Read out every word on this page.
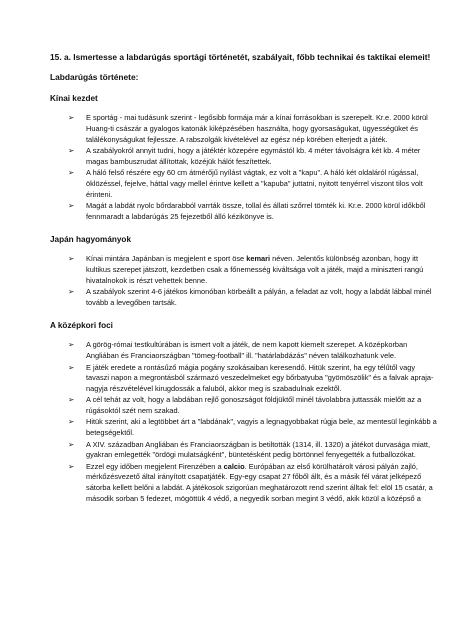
15. a. Ismertesse a labdarúgás sportági történetét, szabályait, főbb technikai és taktikai elemeit!
Labdarúgás története:
Kínai kezdet
➢ E sportág - mai tudásunk szerint - legősibb formája már a kínai forrásokban is szerepelt. Kr.e. 2000 körül Huang-ti császár a gyalogos katonák kiképzésében használta, hogy gyorsaságukat, ügyességüket és találékonyságukat fejlessze. A rabszolgák kivételével az egész nép körében elterjedt a játék.
➢ A szabályokról annyit tudni, hogy a játéktér közepére egymástól kb. 4 méter távolságra két kb. 4 méter magas bambuszrudat állítottak, közéjük hálót feszítettek.
➢ A háló felső részére egy 60 cm átmérőjű nyílást vágtak, ez volt a "kapu". A háló két oldaláról rúgással, öklözéssel, fejelve, háttal vagy mellel érintve kellett a "kapuba" juttatni, nyitott tenyérrel viszont tilos volt érinteni.
➢ Magát a labdát nyolc bőrdarabból varrták össze, tollal és állati szőrrel tömték ki. Kr.e. 2000 körül időkből fennmaradt a labdarúgás 25 fejezetből álló kézikönyve is.
Japán hagyományok
➢ Kínai mintára Japánban is megjelent e sport öse kemari néven. Jelentős különbség azonban, hogy itt kultikus szerepet játszott, kezdetben csak a főnemesség kiváltsága volt a játék, majd a miniszteri rangú hivatalnokok is részt vehettek benne.
➢ A szabályok szerint 4-6 játékos kimonóban körbeállt a pályán, a feladat az volt, hogy a labdát lábbal minél tovább a levegőben tartsák.
A középkori foci
➢ A görög-római testkultúrában is ismert volt a játék, de nem kapott kiemelt szerepet. A középkorban Angliában és Franciaországban "tömeg-football" ill. "határlabdázás" néven találkozhatunk vele.
➢ E játék eredete a rontásűző mágia pogány szokásaiban keresendő. Hitük szerint, ha egy télűtől vagy tavaszi napon a megrontásból származó veszedelmeket egy bőrbatyuba "gyömöszölik" és a falvak apraja-nagyja részvételével kirugdossák a faluból, akkor meg is szabadulnak ezektől.
➢ A cél tehát az volt, hogy a labdában rejlő gonoszságot földjüktől minél távolabbra juttassák mielőtt az a rúgásoktól szét nem szakad.
➢ Hitük szerint, aki a legtöbbet árt a "labdának", vagyis a legnagyobbakat rúgja bele, az mentesül leginkább a betegségektől.
➢ A XIV. században Angliában és Franciaországban is betiltották (1314, ill. 1320) a játékot durvasága miatt, gyakran emlegették "ördögi mulatságként", büntetésként pedig börtönnel fenyegették a futballozókat.
➢ Ezzel egy időben megjelent Firenzében a calcio. Európában az első körülhatárolt városi pályán zajló, mérkőzésvezető által irányított csapatjáték. Egy-egy csapat 27 főből állt, és a másik fél várat jelképező sátorba kellett belőni a labdát. A játékosok szigorúan meghatározott rend szerint álltak fel: elöl 15 csatár, a második sorban 5 fedezet, mögöttük 4 védő, a negyedik sorban megint 3 védő, akik közül a középső a
